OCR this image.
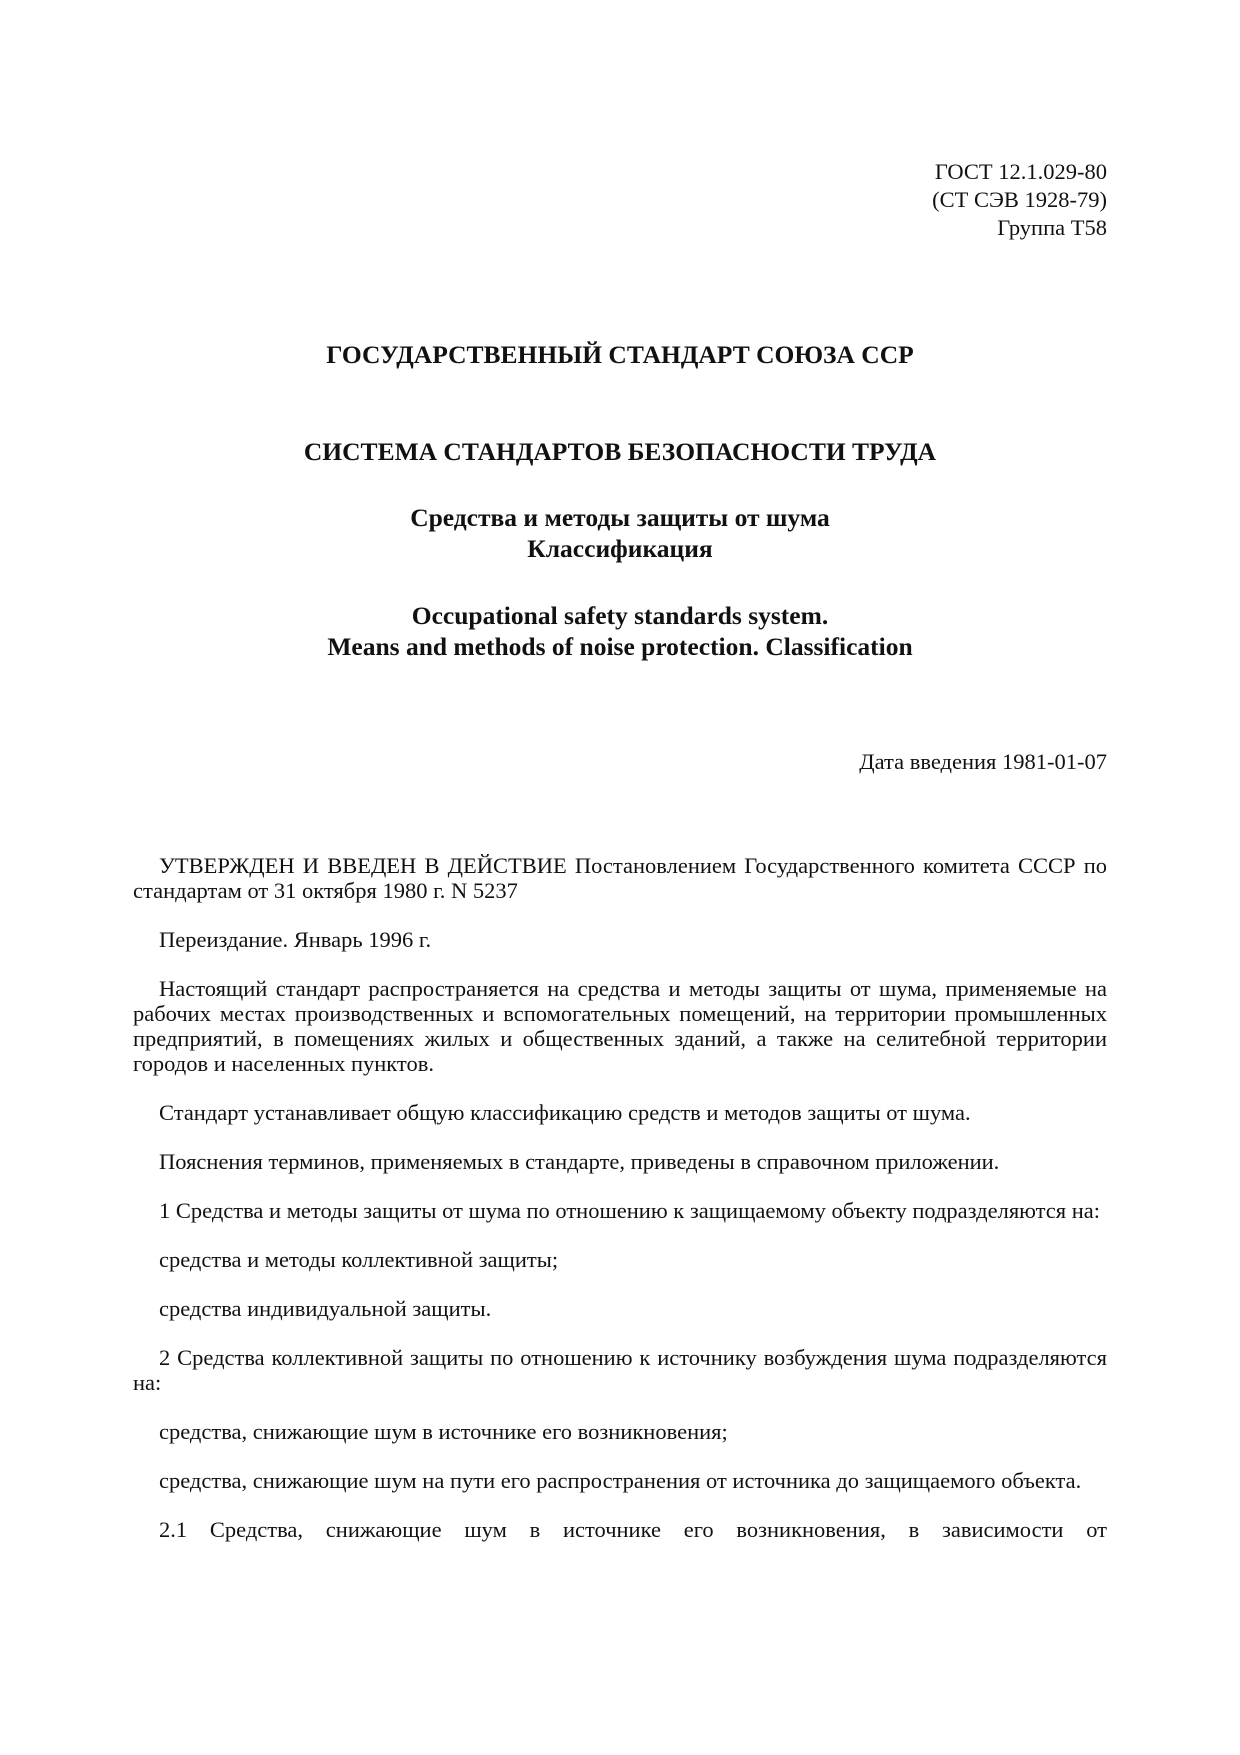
ГОСТ 12.1.029-80
(СТ СЭВ 1928-79)
Группа Т58
ГОСУДАРСТВЕННЫЙ СТАНДАРТ СОЮЗА ССР
СИСТЕМА СТАНДАРТОВ БЕЗОПАСНОСТИ ТРУДА
Средства и методы защиты от шума
Классификация
Occupational safety standards system.
Means and methods of noise protection. Classification
Дата введения 1981-01-07

УТВЕРЖДЕН И ВВЕДЕН В ДЕЙСТВИЕ Постановлением Государственного комитета СССР по стандартам от 31 октября 1980 г. N 5237

Переиздание. Январь 1996 г.

Настоящий стандарт распространяется на средства и методы защиты от шума, применяемые на рабочих местах производственных и вспомогательных помещений, на территории промышленных предприятий, в помещениях жилых и общественных зданий, а также на селитебной территории городов и населенных пунктов.

Стандарт устанавливает общую классификацию средств и методов защиты от шума.

Пояснения терминов, применяемых в стандарте, приведены в справочном приложении.

1 Средства и методы защиты от шума по отношению к защищаемому объекту подразделяются на:

средства и методы коллективной защиты;

средства индивидуальной защиты.

2 Средства коллективной защиты по отношению к источнику возбуждения шума подразделяются на:

средства, снижающие шум в источнике его возникновения;

средства, снижающие шум на пути его распространения от источника до защищаемого объекта.

2.1 Средства, снижающие шум в источнике его возникновения, в зависимости от
